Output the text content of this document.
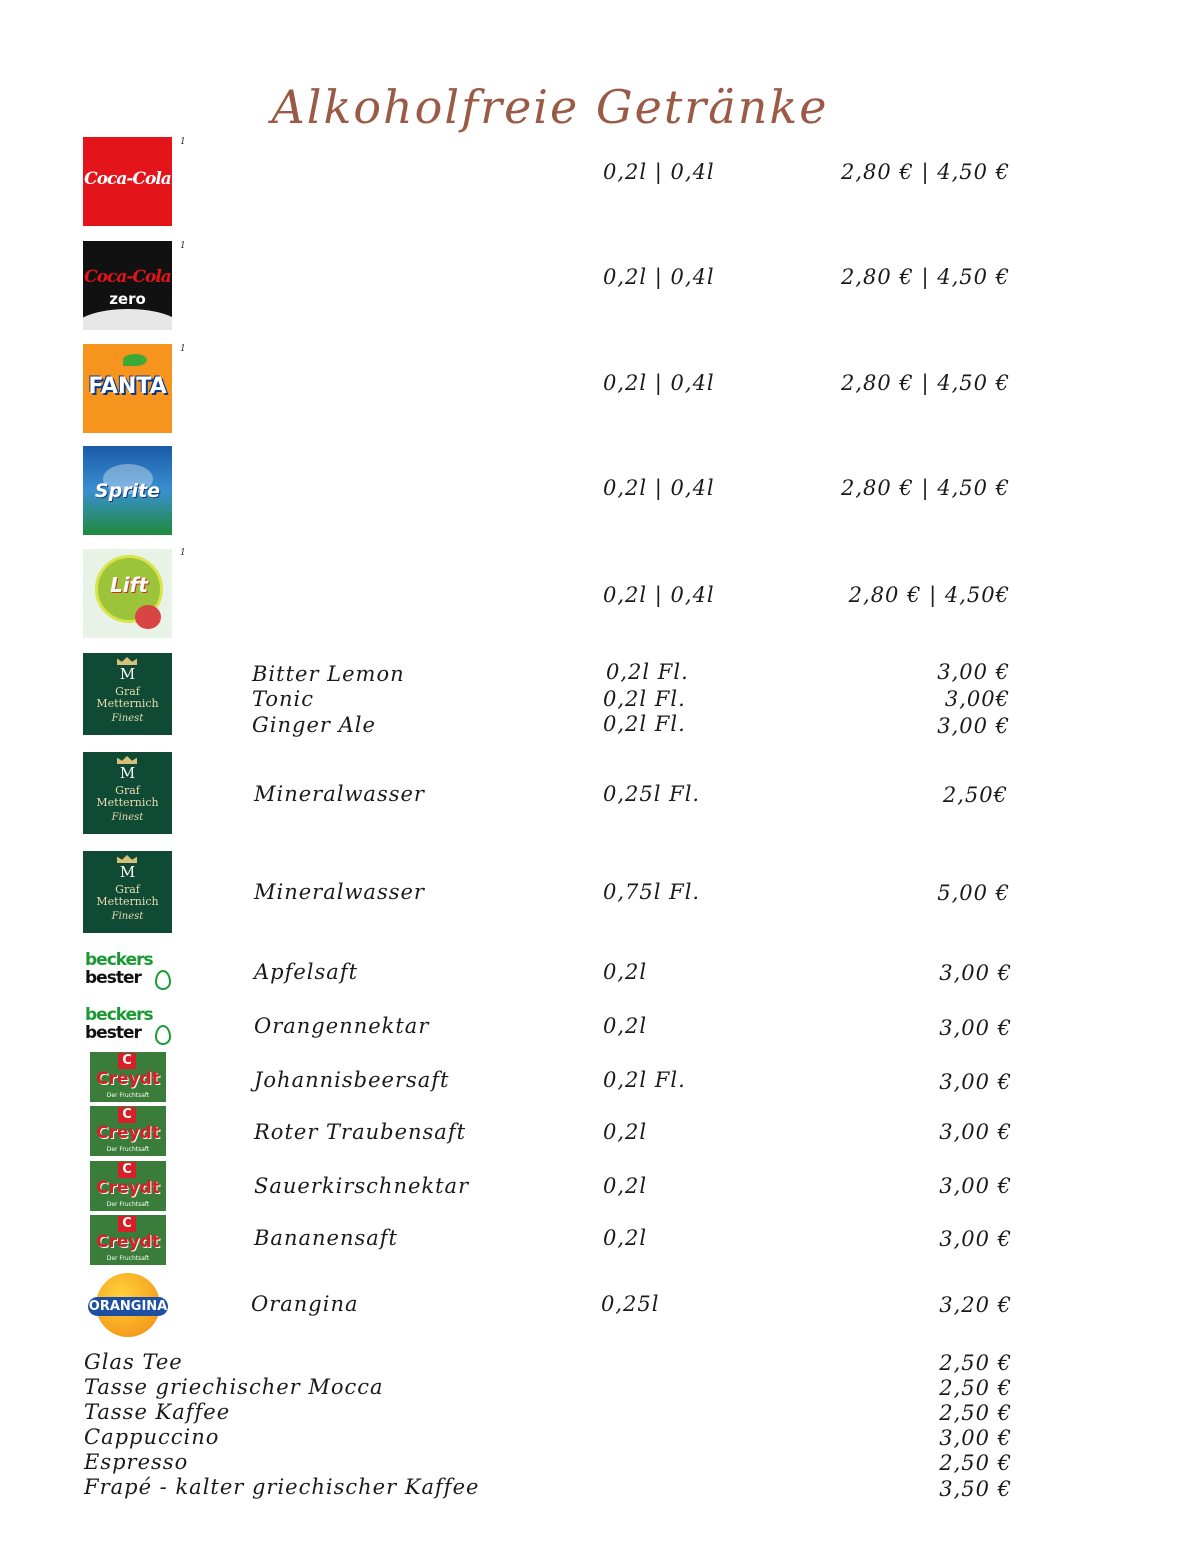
Alkoholfreie Getränke
Coca-Cola
1
Coca-Cola
zero
1
FANTA
1
Sprite
Lift
1
0,2l | 0,4l	2,80 € | 4,50 €
0,2l | 0,4l	2,80 € | 4,50 €
0,2l | 0,4l	2,80 € | 4,50 €
0,2l | 0,4l	2,80 € | 4,50 €
0,2l | 0,4l	2,80 € | 4,50€
M
Graf
Metternich
Finest
M
Graf
Metternich
Finest
M
Graf
Metternich
Finest
Bitter Lemon	0,2l Fl.	3,00 €
Tonic	0,2l Fl.	3,00€
Ginger Ale	0,2l Fl.	3,00 €
Mineralwasser	0,25l Fl.	2,50€
Mineralwasser	0,75l Fl.	5,00 €
beckers
bester
beckers
bester
C
Creydt
Der Fruchtsaft
C
Creydt
Der Fruchtsaft
C
Creydt
Der Fruchtsaft
C
Creydt
Der Fruchtsaft
ORANGINA
Apfelsaft	0,2l	3,00 €
Orangennektar	0,2l	3,00 €
Johannisbeersaft	0,2l Fl.	3,00 €
Roter Traubensaft	0,2l	3,00 €
Sauerkirschnektar	0,2l	3,00 €
Bananensaft	0,2l	3,00 €
Orangina	0,25l	3,20 €
Glas Tee	2,50 €
Tasse griechischer Mocca	2,50 €
Tasse Kaffee	2,50 €
Cappuccino	3,00 €
Espresso	2,50 €
Frapé - kalter griechischer Kaffee	3,50 €
